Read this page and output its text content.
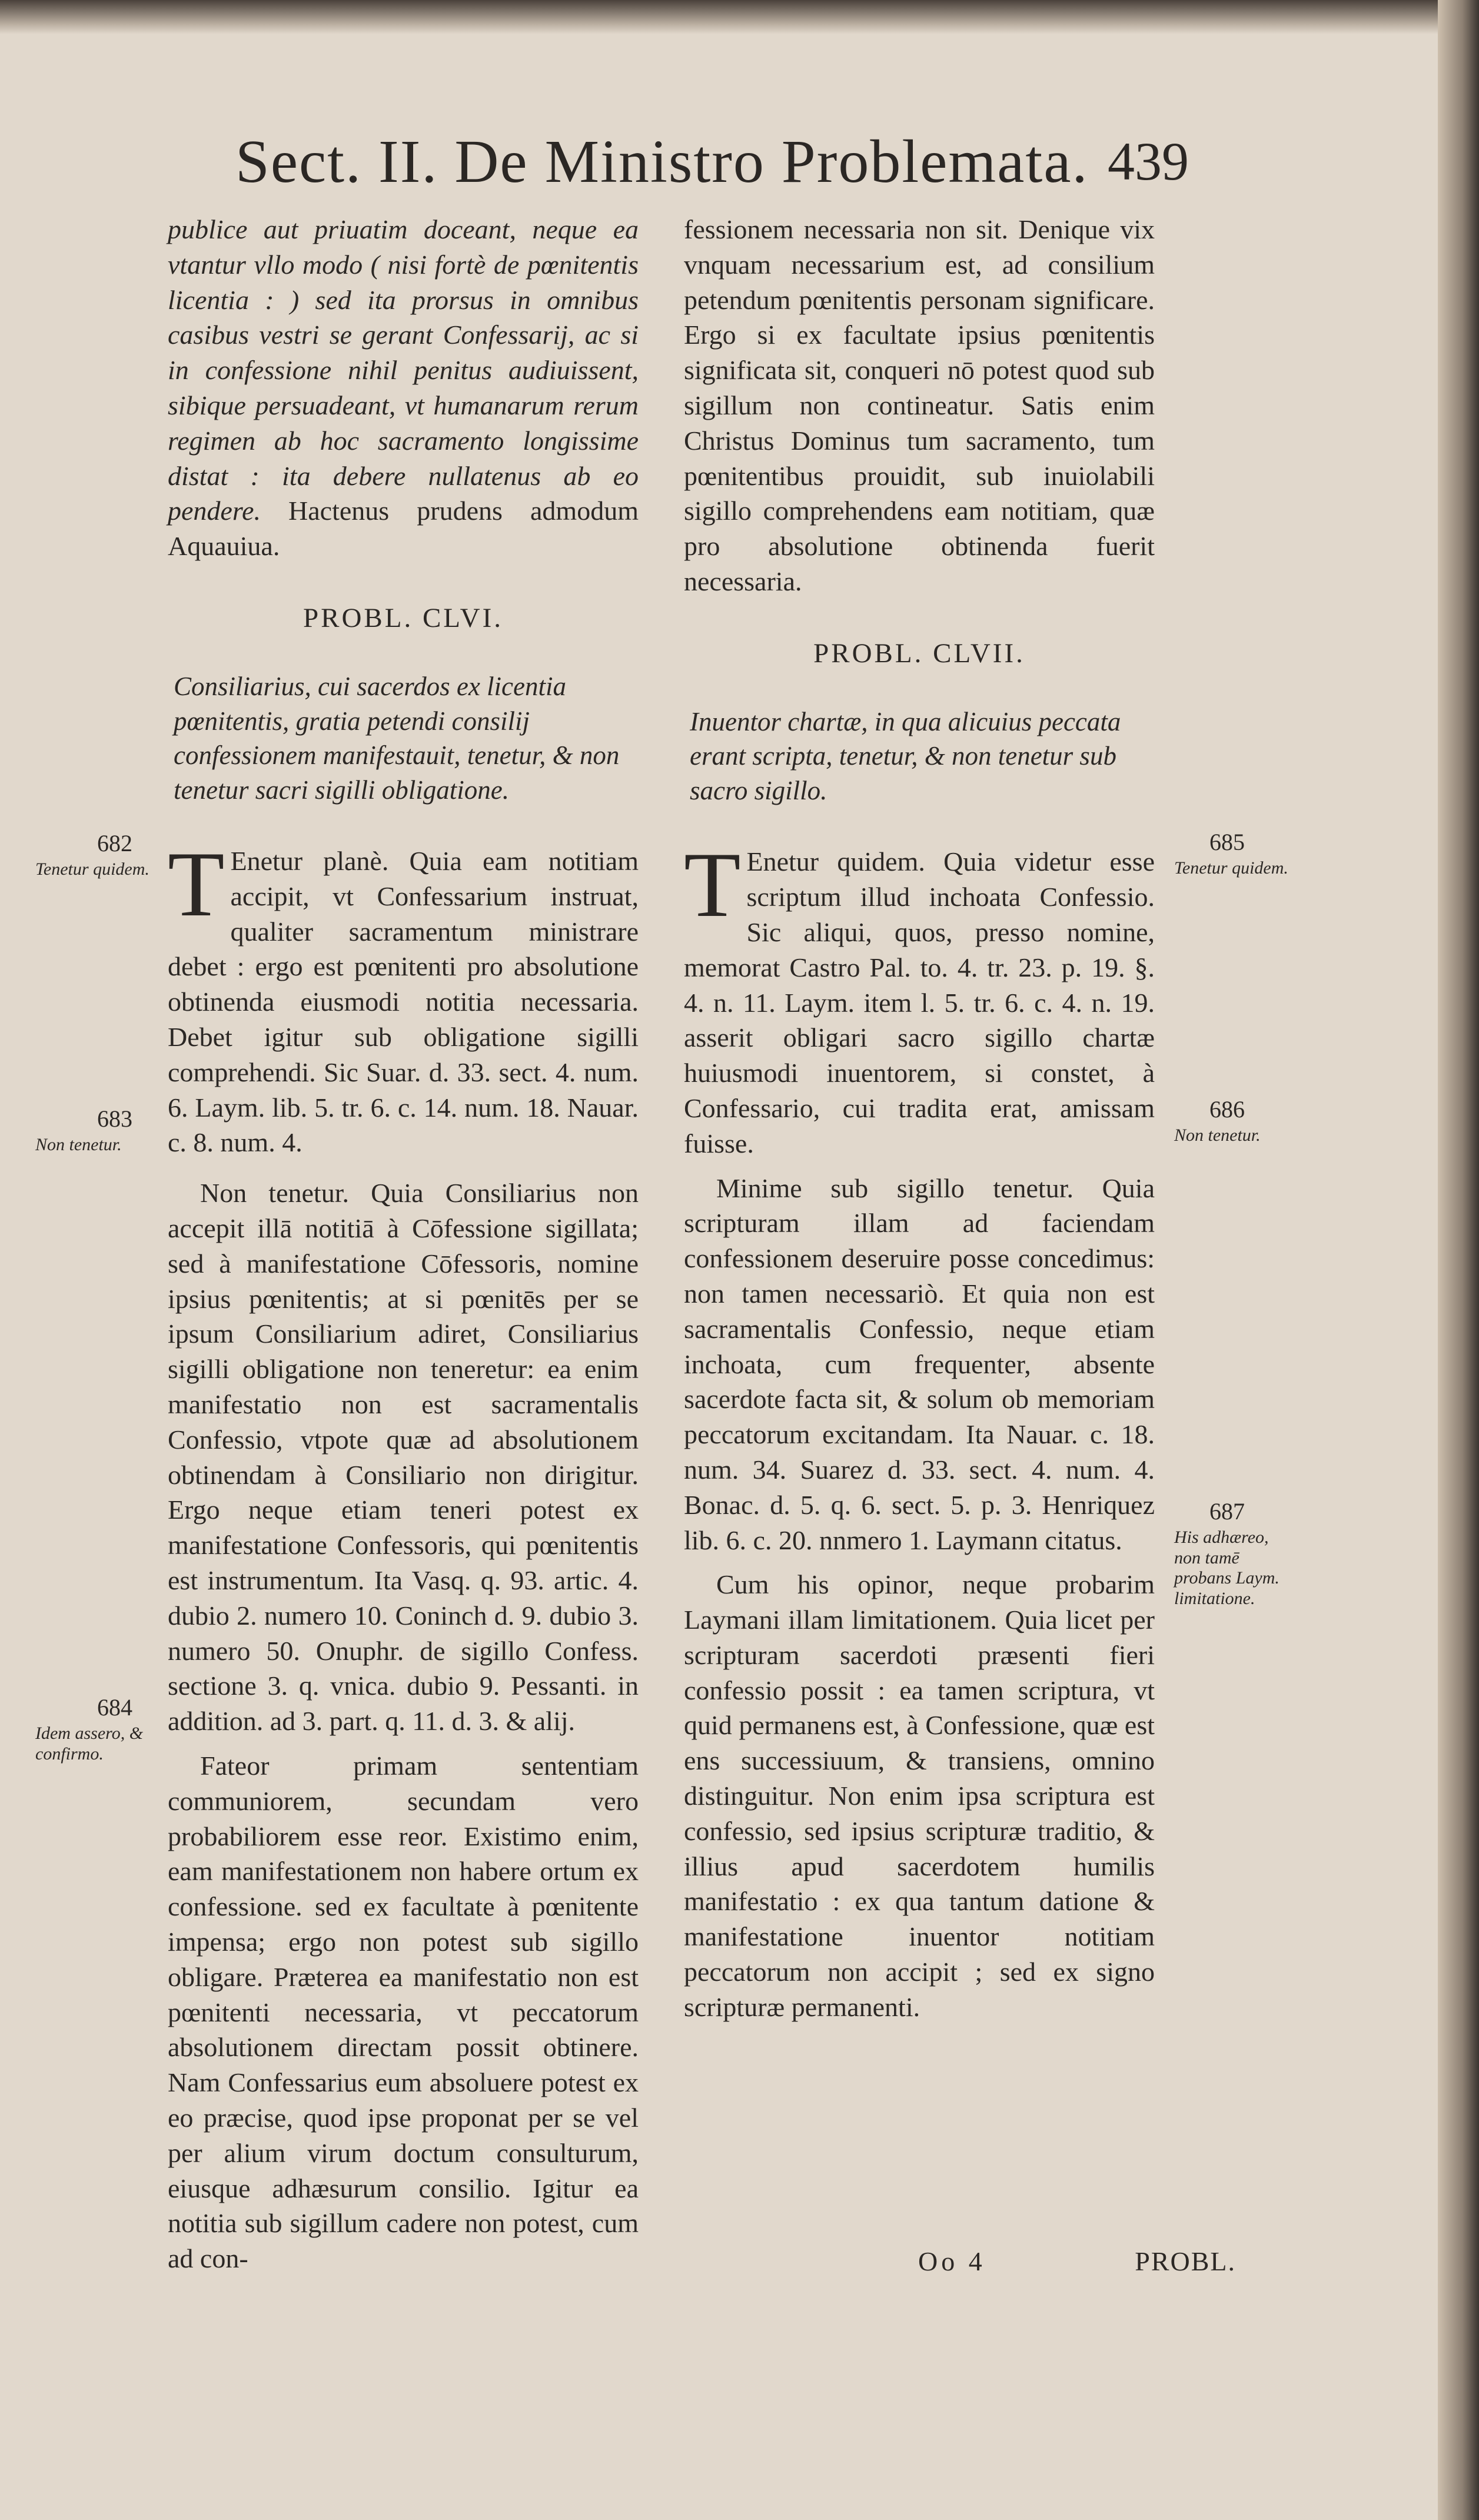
Sect. II. De Ministro Problemata. 439

publice aut priuatim doceant, neque ea vtantur vllo modo ( nisi fortè de pœnitentis licentia : ) sed ita prorsus in omnibus casibus vestri se gerant Confessarij, ac si in confessione nihil penitus audiuissent, sibique persuadeant, vt humanarum rerum regimen ab hoc sacramento longissime distat : ita debere nullatenus ab eo pendere. Hactenus prudens admodum Aquauiua.

PROBL. CLVI.

Consiliarius, cui sacerdos ex licentia pœnitentis, gratia petendi consilij confessionem manifestauit, tenetur, & non tenetur sacri sigilli obligatione.

T Enetur planè. Quia eam notitiam accipit, vt Confessarium instruat, qualiter sacramentum ministrare debet : ergo est pœnitenti pro absolutione obtinenda eiusmodi notitia necessaria. Debet igitur sub obligatione sigilli comprehendi. Sic Suar. d. 33. sect. 4. num. 6. Laym. lib. 5. tr. 6. c. 14. num. 18. Nauar. c. 8. num. 4.

Non tenetur. Quia Consiliarius non accepit illā notitiā à Cōfessione sigillata; sed à manifestatione Cōfessoris, nomine ipsius pœnitentis; at si pœnitēs per se ipsum Consiliarium adiret, Consiliarius sigilli obligatione non teneretur: ea enim manifestatio non est sacramentalis Confessio, vtpote quæ ad absolutionem obtinendam à Consiliario non dirigitur. Ergo neque etiam teneri potest ex manifestatione Confessoris, qui pœnitentis est instrumentum. Ita Vasq. q. 93. artic. 4. dubio 2. numero 10. Coninch d. 9. dubio 3. numero 50. Onuphr. de sigillo Confess. sectione 3. q. vnica. dubio 9. Pessanti. in addition. ad 3. part. q. 11. d. 3. & alij.

Fateor primam sententiam communiorem, secundam vero probabiliorem esse reor. Existimo enim, eam manifestationem non habere ortum ex confessione. sed ex facultate à pœnitente impensa; ergo non potest sub sigillo obligare. Præterea ea manifestatio non est pœnitenti necessaria, vt peccatorum absolutionem directam possit obtinere. Nam Confessarius eum absoluere potest ex eo præcise, quod ipse proponat per se vel per alium virum doctum consulturum, eiusque adhæsurum consilio. Igitur ea notitia sub sigillum cadere non potest, cum ad con-

fessionem necessaria non sit. Denique vix vnquam necessarium est, ad consilium petendum pœnitentis personam significare. Ergo si ex facultate ipsius pœnitentis significata sit, conqueri nō potest quod sub sigillum non contineatur. Satis enim Christus Dominus tum sacramento, tum pœnitentibus prouidit, sub inuiolabili sigillo comprehendens eam notitiam, quæ pro absolutione obtinenda fuerit necessaria.

PROBL. CLVII.

Inuentor chartæ, in qua alicuius peccata erant scripta, tenetur, & non tenetur sub sacro sigillo.

T Enetur quidem. Quia videtur esse scriptum illud inchoata Confessio. Sic aliqui, quos, presso nomine, memorat Castro Pal. to. 4. tr. 23. p. 19. §. 4. n. 11. Laym. item l. 5. tr. 6. c. 4. n. 19. asserit obligari sacro sigillo chartæ huiusmodi inuentorem, si constet, à Confessario, cui tradita erat, amissam fuisse.

Minime sub sigillo tenetur. Quia scripturam illam ad faciendam confessionem deseruire posse concedimus: non tamen necessariò. Et quia non est sacramentalis Confessio, neque etiam inchoata, cum frequenter, absente sacerdote facta sit, & solum ob memoriam peccatorum excitandam. Ita Nauar. c. 18. num. 34. Suarez d. 33. sect. 4. num. 4. Bonac. d. 5. q. 6. sect. 5. p. 3. Henriquez lib. 6. c. 20. nnmero 1. Laymann citatus.

Cum his opinor, neque probarim Laymani illam limitationem. Quia licet per scripturam sacerdoti præsenti fieri confessio possit : ea tamen scriptura, vt quid permanens est, à Confessione, quæ est ens successiuum, & transiens, omnino distinguitur. Non enim ipsa scriptura est confessio, sed ipsius scripturæ traditio, & illius apud sacerdotem humilis manifestatio : ex qua tantum datione & manifestatione inuentor notitiam peccatorum non accipit ; sed ex signo scripturæ permanenti.

682
Tenetur quidem.
683
Non tenetur.
684
Idem assero, & confirmo.
685
Tenetur quidem.
686
Non tenetur.
687
His adhæreo, non tamē probans Laym. limitatione.
Oo 4	PROBL.
